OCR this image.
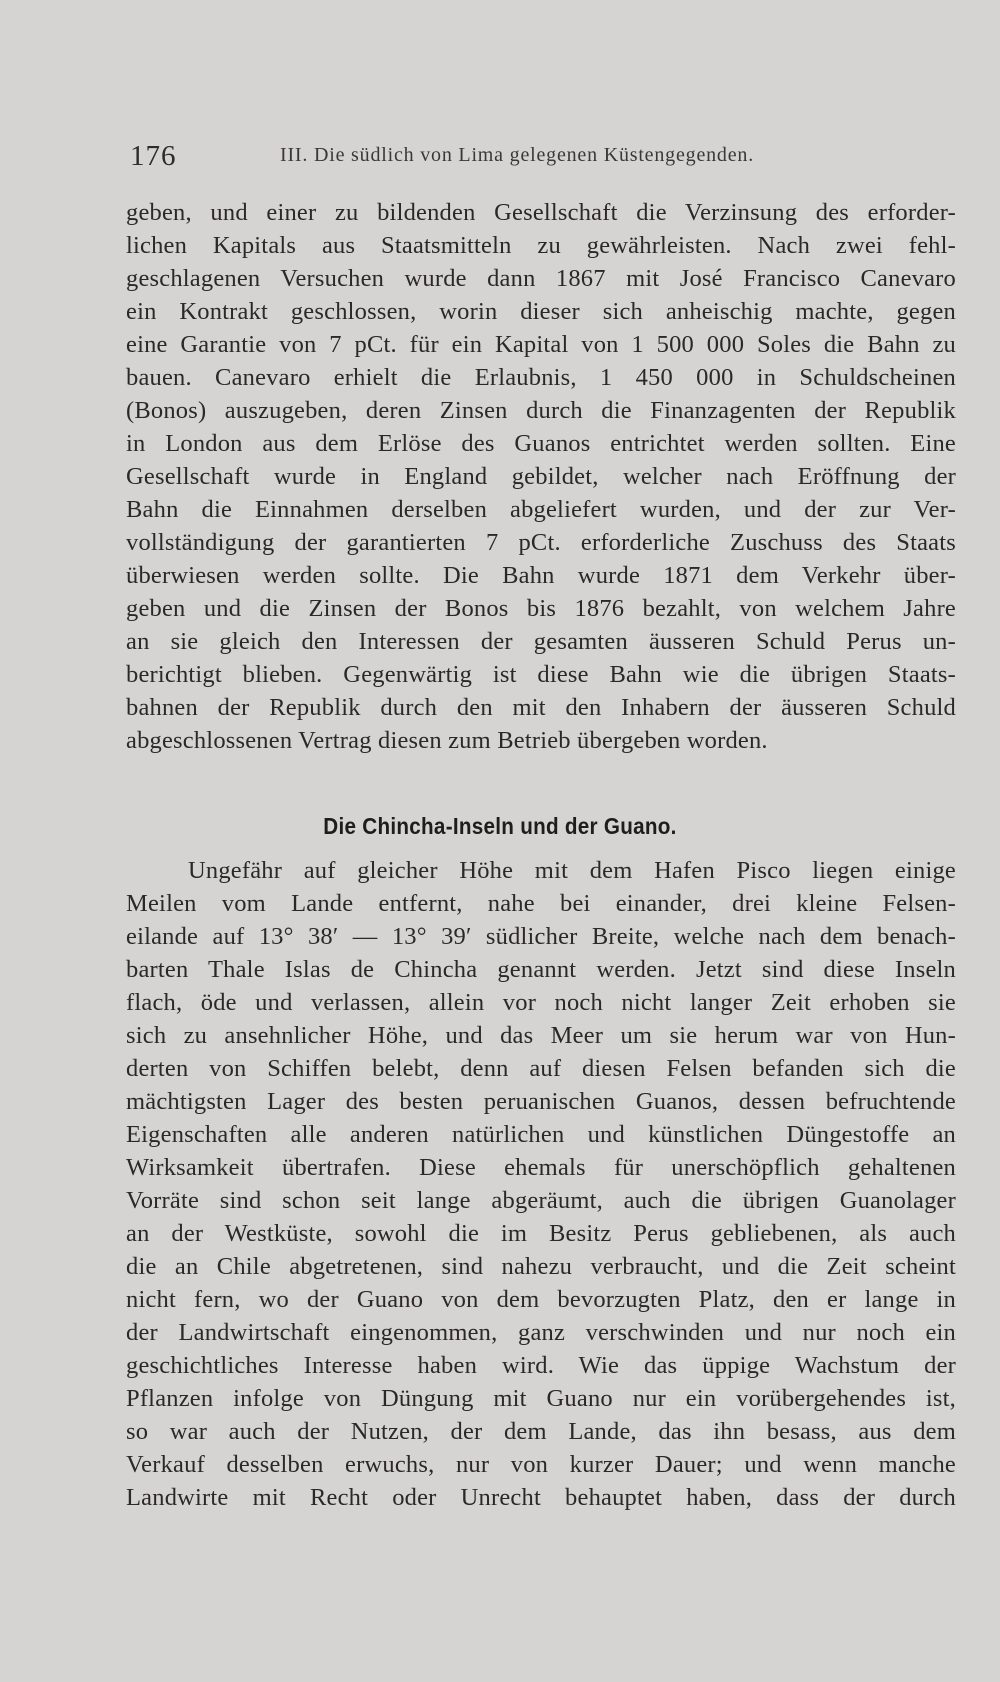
176	III. Die südlich von Lima gelegenen Küstengegenden.
geben, und einer zu bildenden Gesellschaft die Verzinsung des erforder-
lichen Kapitals aus Staatsmitteln zu gewährleisten. Nach zwei fehl-
geschlagenen Versuchen wurde dann 1867 mit José Francisco Canevaro
ein Kontrakt geschlossen, worin dieser sich anheischig machte, gegen
eine Garantie von 7 pCt. für ein Kapital von 1 500 000 Soles die Bahn zu
bauen. Canevaro erhielt die Erlaubnis, 1 450 000 in Schuldscheinen
(Bonos) auszugeben, deren Zinsen durch die Finanzagenten der Republik
in London aus dem Erlöse des Guanos entrichtet werden sollten. Eine
Gesellschaft wurde in England gebildet, welcher nach Eröffnung der
Bahn die Einnahmen derselben abgeliefert wurden, und der zur Ver-
vollständigung der garantierten 7 pCt. erforderliche Zuschuss des Staats
überwiesen werden sollte. Die Bahn wurde 1871 dem Verkehr über-
geben und die Zinsen der Bonos bis 1876 bezahlt, von welchem Jahre
an sie gleich den Interessen der gesamten äusseren Schuld Perus un-
berichtigt blieben. Gegenwärtig ist diese Bahn wie die übrigen Staats-
bahnen der Republik durch den mit den Inhabern der äusseren Schuld
abgeschlossenen Vertrag diesen zum Betrieb übergeben worden.
Die Chincha-Inseln und der Guano.
Ungefähr auf gleicher Höhe mit dem Hafen Pisco liegen einige
Meilen vom Lande entfernt, nahe bei einander, drei kleine Felsen-
eilande auf 13° 38′ — 13° 39′ südlicher Breite, welche nach dem benach-
barten Thale Islas de Chincha genannt werden. Jetzt sind diese Inseln
flach, öde und verlassen, allein vor noch nicht langer Zeit erhoben sie
sich zu ansehnlicher Höhe, und das Meer um sie herum war von Hun-
derten von Schiffen belebt, denn auf diesen Felsen befanden sich die
mächtigsten Lager des besten peruanischen Guanos, dessen befruchtende
Eigenschaften alle anderen natürlichen und künstlichen Düngestoffe an
Wirksamkeit übertrafen. Diese ehemals für unerschöpflich gehaltenen
Vorräte sind schon seit lange abgeräumt, auch die übrigen Guanolager
an der Westküste, sowohl die im Besitz Perus gebliebenen, als auch
die an Chile abgetretenen, sind nahezu verbraucht, und die Zeit scheint
nicht fern, wo der Guano von dem bevorzugten Platz, den er lange in
der Landwirtschaft eingenommen, ganz verschwinden und nur noch ein
geschichtliches Interesse haben wird. Wie das üppige Wachstum der
Pflanzen infolge von Düngung mit Guano nur ein vorübergehendes ist,
so war auch der Nutzen, der dem Lande, das ihn besass, aus dem
Verkauf desselben erwuchs, nur von kurzer Dauer; und wenn manche
Landwirte mit Recht oder Unrecht behauptet haben, dass der durch
